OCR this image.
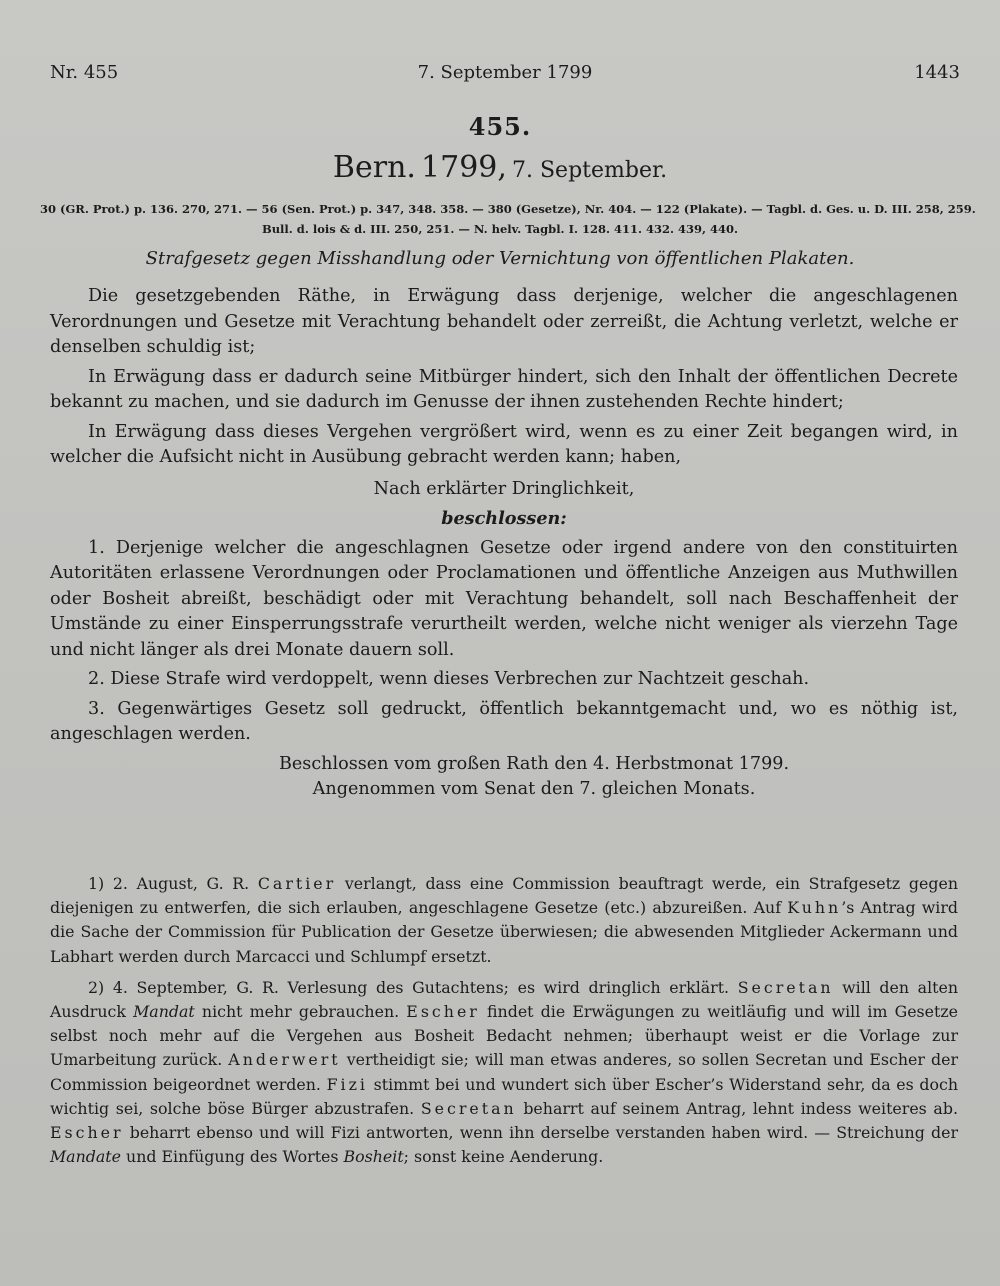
Nr. 455	7. September 1799	1443
455.
Bern. 1799, 7. September.
30 (GR. Prot.) p. 136. 270, 271. — 56 (Sen. Prot.) p. 347, 348. 358. — 380 (Gesetze), Nr. 404. — 122 (Plakate). — Tagbl. d. Ges. u. D. III. 258, 259.
Bull. d. lois & d. III. 250, 251. — N. helv. Tagbl. I. 128. 411. 432. 439, 440.
Strafgesetz gegen Misshandlung oder Vernichtung von öffentlichen Plakaten.

Die gesetzgebenden Räthe, in Erwägung dass derjenige, welcher die angeschlagenen Verordnungen und Gesetze mit Verachtung behandelt oder zerreißt, die Achtung verletzt, welche er denselben schuldig ist;

In Erwägung dass er dadurch seine Mitbürger hindert, sich den Inhalt der öffentlichen Decrete bekannt zu machen, und sie dadurch im Genusse der ihnen zustehenden Rechte hindert;

In Erwägung dass dieses Vergehen vergrößert wird, wenn es zu einer Zeit begangen wird, in welcher die Aufsicht nicht in Ausübung gebracht werden kann; haben,

Nach erklärter Dringlichkeit,

beschlossen:

1. Derjenige welcher die angeschlagnen Gesetze oder irgend andere von den constituirten Autoritäten erlassene Verordnungen oder Proclamationen und öffentliche Anzeigen aus Muthwillen oder Bosheit abreißt, beschädigt oder mit Verachtung behandelt, soll nach Beschaffenheit der Umstände zu einer Einsperrungsstrafe verurtheilt werden, welche nicht weniger als vierzehn Tage und nicht länger als drei Monate dauern soll.

2. Diese Strafe wird verdoppelt, wenn dieses Verbrechen zur Nachtzeit geschah.

3. Gegenwärtiges Gesetz soll gedruckt, öffentlich bekanntgemacht und, wo es nöthig ist, angeschlagen werden.

Beschlossen vom großen Rath den 4. Herbstmonat 1799.

Angenommen vom Senat den 7. gleichen Monats.

1) 2. August, G. R. Cartier verlangt, dass eine Commission beauftragt werde, ein Strafgesetz gegen diejenigen zu entwerfen, die sich erlauben, angeschlagene Gesetze (etc.) abzureißen. Auf Kuhn’s Antrag wird die Sache der Commission für Publication der Gesetze überwiesen; die abwesenden Mitglieder Ackermann und Labhart werden durch Marcacci und Schlumpf ersetzt.

2) 4. September, G. R. Verlesung des Gutachtens; es wird dringlich erklärt. Secretan will den alten Ausdruck Mandat nicht mehr gebrauchen. Escher findet die Erwägungen zu weitläufig und will im Gesetze selbst noch mehr auf die Vergehen aus Bosheit Bedacht nehmen; überhaupt weist er die Vorlage zur Umarbeitung zurück. Anderwert vertheidigt sie; will man etwas anderes, so sollen Secretan und Escher der Commission beigeordnet werden. Fizi stimmt bei und wundert sich über Escher’s Widerstand sehr, da es doch wichtig sei, solche böse Bürger abzustrafen. Secretan beharrt auf seinem Antrag, lehnt indess weiteres ab. Escher beharrt ebenso und will Fizi antworten, wenn ihn derselbe verstanden haben wird. — Streichung der Mandate und Einfügung des Wortes Bosheit; sonst keine Aenderung.
